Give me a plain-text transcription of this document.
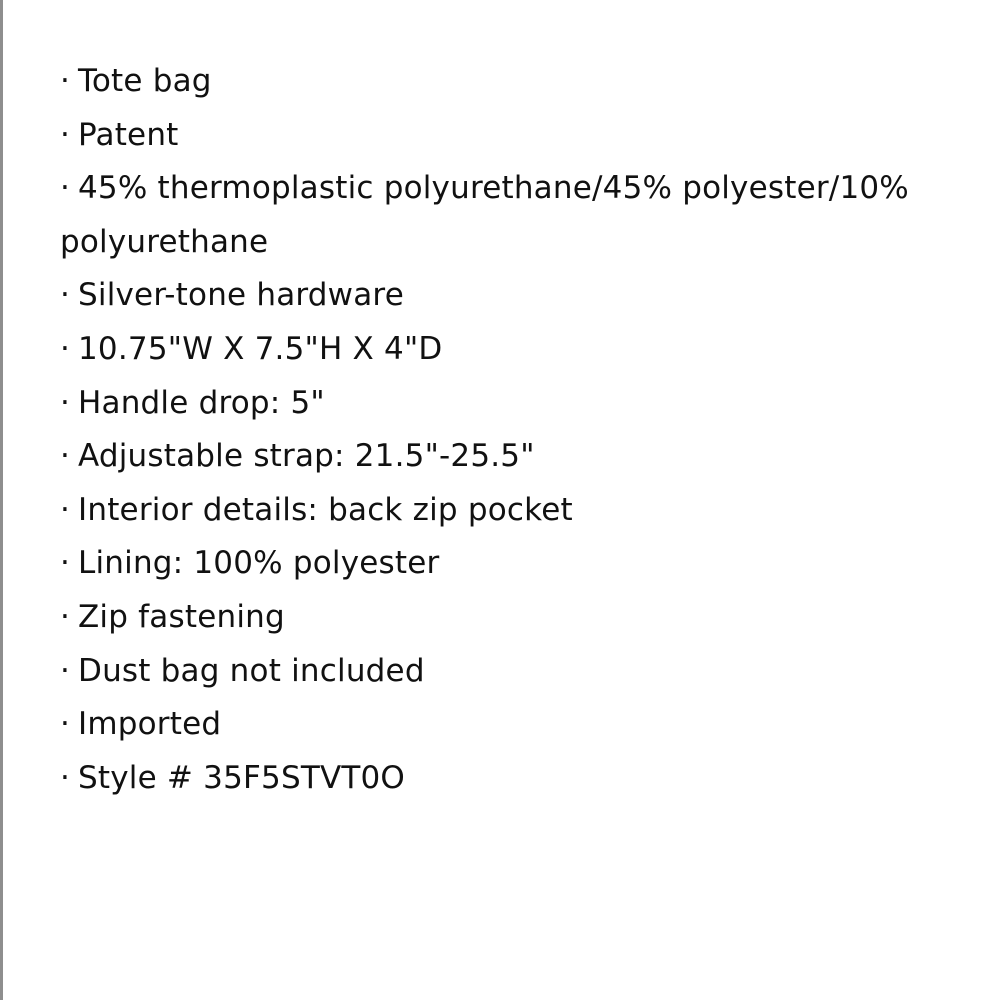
· Tote bag
· Patent
· 45% thermoplastic polyurethane/45% polyester/10% polyurethane
· Silver-tone hardware
· 10.75"W X 7.5"H X 4"D
· Handle drop: 5"
· Adjustable strap: 21.5"-25.5"
· Interior details: back zip pocket
· Lining: 100% polyester
· Zip fastening
· Dust bag not included
· Imported
· Style # 35F5STVT0O
